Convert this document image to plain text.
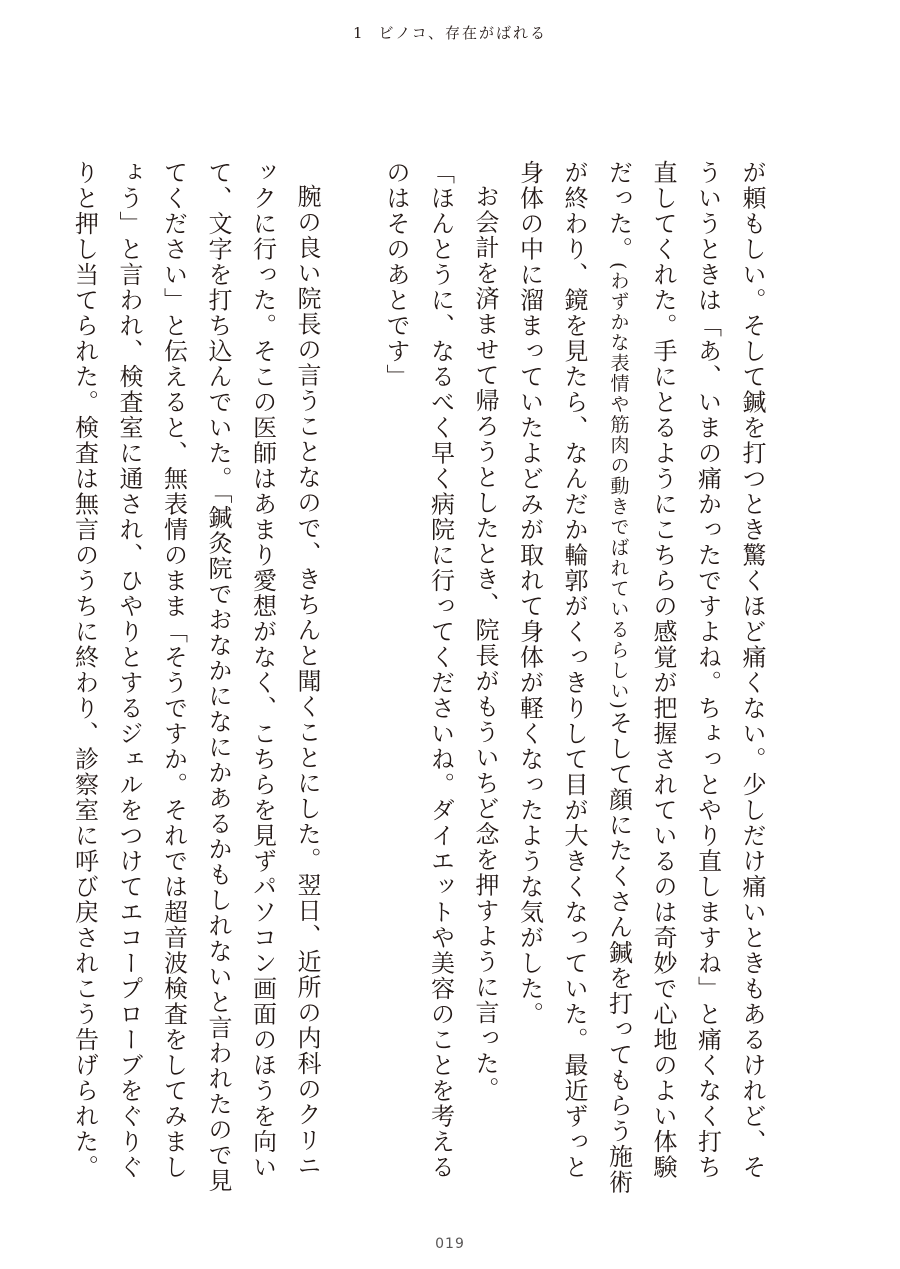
1 ビノコ、存在がばれる

が頼もしい。そして鍼を打つとき驚くほど痛くない。少しだけ痛いときもあるけれど、そういうときは「あ、いまの痛かったですよね。ちょっとやり直しますね」と痛くなく打ち直してくれた。手にとるようにこちらの感覚が把握されているのは奇妙で心地のよい体験だった。(わずかな表情や筋肉の動きでばれているらしい)そして顔にたくさん鍼を打ってもらう施術が終わり、鏡を見たら、なんだか輪郭がくっきりして目が大きくなっていた。最近ずっと身体の中に溜まっていたよどみが取れて身体が軽くなったような気がした。

お会計を済ませて帰ろうとしたとき、院長がもういちど念を押すように言った。

「ほんとうに、なるべく早く病院に行ってくださいね。ダイエットや美容のことを考えるのはそのあとです」

腕の良い院長の言うことなので、きちんと聞くことにした。翌日、近所の内科のクリニックに行った。そこの医師はあまり愛想がなく、こちらを見ずパソコン画面のほうを向いて、文字を打ち込んでいた。「鍼灸院でおなかになにかあるかもしれないと言われたので見てください」と伝えると、無表情のまま「そうですか。それでは超音波検査をしてみましょう」と言われ、検査室に通され、ひやりとするジェルをつけてエコープローブをぐりぐりと押し当てられた。検査は無言のうちに終わり、診察室に呼び戻されこう告げられた。

019
